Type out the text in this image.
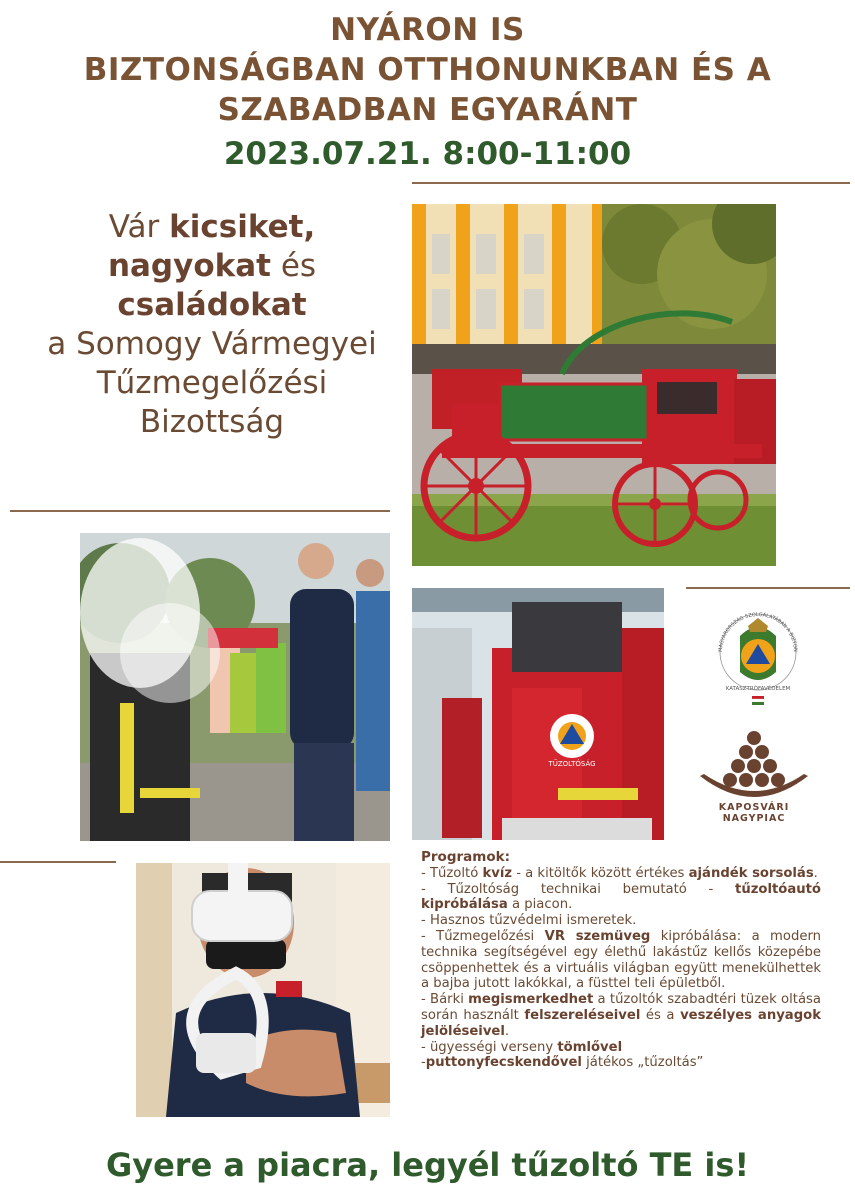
NYÁRON IS
BIZTONSÁGBAN OTTHONUNKBAN ÉS A
SZABADBAN EGYARÁNT
2023.07.21. 8:00-11:00
Vár kicsiket,
nagyokat és
családokat
a Somogy Vármegyei
Tűzmegelőzési
Bizottság
TŰZOLTÓSÁG
MAGYARORSZÁG SZOLGÁLATÁBAN A BIZTON
KATASZTRÓFAVÉDELEM
KAPOSVÁRI NAGYPIAC
Programok:
- Tűzoltó kvíz - a kitöltők között értékes ajándék sorsolás.
- Tűzoltóság technikai bemutató - tűzoltóautó kipróbálása a piacon.
- Hasznos tűzvédelmi ismeretek.
- Tűzmegelőzési VR szemüveg kipróbálása: a modern technika segítségével egy élethű lakástűz kellős közepébe csöppenhettek és a virtuális világban együtt menekülhettek a bajba jutott lakókkal, a füsttel teli épületből.
- Bárki megismerkedhet a tűzoltók szabadtéri tüzek oltása során használt felszereléseivel és a veszélyes anyagok jelöléseivel.
- ügyességi verseny tömlővel
-puttonyfecskendővel játékos „tűzoltás”
Gyere a piacra, legyél tűzoltó TE is!
